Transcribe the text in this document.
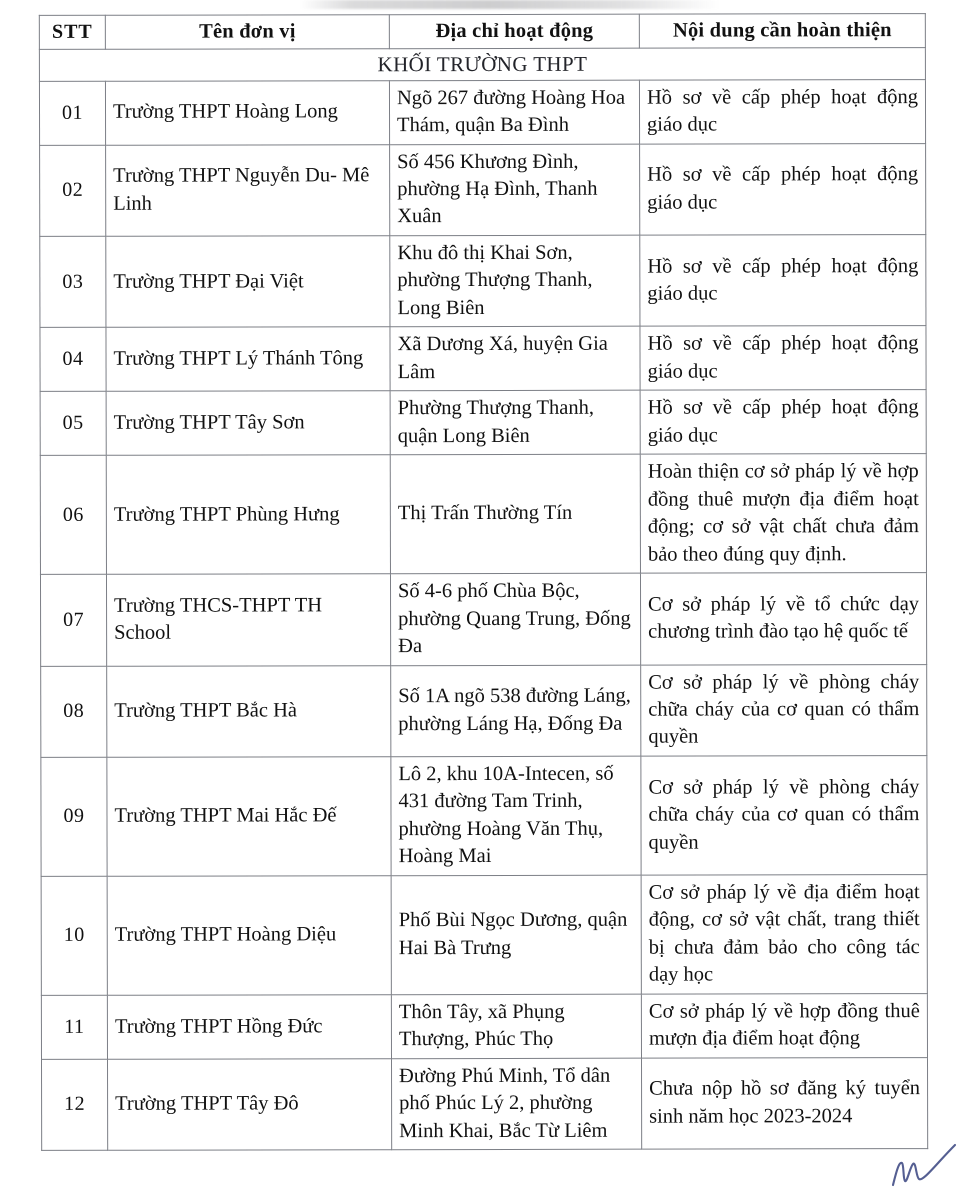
STT	Tên đơn vị	Địa chỉ hoạt động	Nội dung cần hoàn thiện
KHỐI TRƯỜNG THPT			
01	Trường THPT Hoàng Long	Ngõ 267 đường Hoàng Hoa Thám, quận Ba Đình	Hồ sơ về cấp phép hoạt động giáo dục
02	Trường THPT Nguyễn Du- Mê Linh	Số 456 Khương Đình, phường Hạ Đình, Thanh Xuân	Hồ sơ về cấp phép hoạt động giáo dục
03	Trường THPT Đại Việt	Khu đô thị Khai Sơn, phường Thượng Thanh, Long Biên	Hồ sơ về cấp phép hoạt động giáo dục
04	Trường THPT Lý Thánh Tông	Xã Dương Xá, huyện Gia Lâm	Hồ sơ về cấp phép hoạt động giáo dục
05	Trường THPT Tây Sơn	Phường Thượng Thanh, quận Long Biên	Hồ sơ về cấp phép hoạt động giáo dục
06	Trường THPT Phùng Hưng	Thị Trấn Thường Tín	Hoàn thiện cơ sở pháp lý về hợp đồng thuê mượn địa điểm hoạt động; cơ sở vật chất chưa đảm bảo theo đúng quy định.
07	Trường THCS-THPT TH School	Số 4-6 phố Chùa Bộc, phường Quang Trung, Đống Đa	Cơ sở pháp lý về tổ chức dạy chương trình đào tạo hệ quốc tế
08	Trường THPT Bắc Hà	Số 1A ngõ 538 đường Láng, phường Láng Hạ, Đống Đa	Cơ sở pháp lý về phòng cháy chữa cháy của cơ quan có thẩm quyền
09	Trường THPT Mai Hắc Đế	Lô 2, khu 10A-Intecen, số 431 đường Tam Trinh, phường Hoàng Văn Thụ, Hoàng Mai	Cơ sở pháp lý về phòng cháy chữa cháy của cơ quan có thẩm quyền
10	Trường THPT Hoàng Diệu	Phố Bùi Ngọc Dương, quận Hai Bà Trưng	Cơ sở pháp lý về địa điểm hoạt động, cơ sở vật chất, trang thiết bị chưa đảm bảo cho công tác dạy học
11	Trường THPT Hồng Đức	Thôn Tây, xã Phụng Thượng, Phúc Thọ	Cơ sở pháp lý về hợp đồng thuê mượn địa điểm hoạt động
12	Trường THPT Tây Đô	Đường Phú Minh, Tổ dân phố Phúc Lý 2, phường Minh Khai, Bắc Từ Liêm	Chưa nộp hồ sơ đăng ký tuyển sinh năm học 2023-2024
